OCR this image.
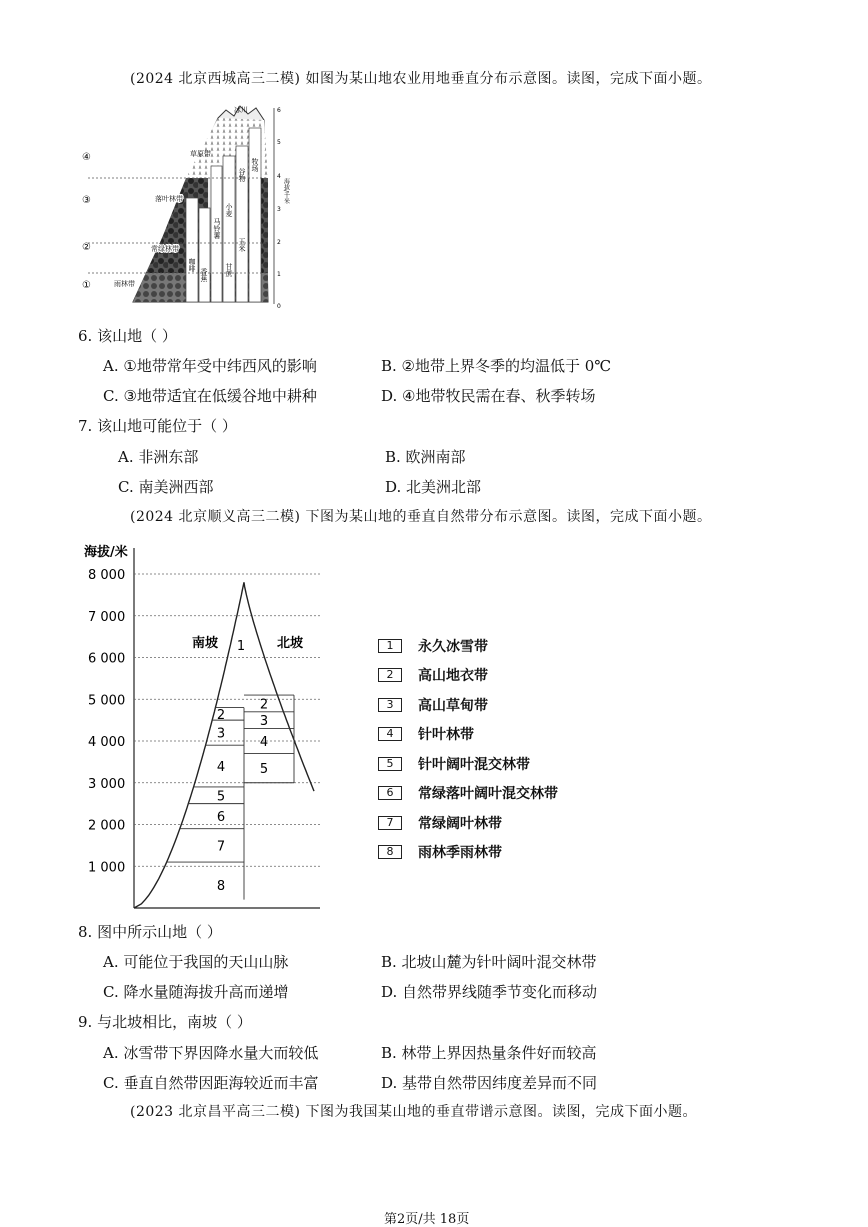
(2024 北京西城高三二模) 如图为某山地农业用地垂直分布示意图。读图，完成下面小题。
④
③
②
①
冰川
草原带
落叶林带
常绿林带
雨林带
牧场
谷物
小麦
马铃薯
玉米
咖啡
香蕉 甘蔗
6
5
4
3
2
1
0
海拔/千米
6. 该山地（ ）
A. ①地带常年受中纬西风的影响	B. ②地带上界冬季的均温低于 0℃
C. ③地带适宜在低缓谷地中耕种	D. ④地带牧民需在春、秋季转场
7. 该山地可能位于（ ）
A. 非洲东部	B. 欧洲南部
C. 南美洲西部	D. 北美洲北部
(2024 北京顺义高三二模) 下图为某山地的垂直自然带分布示意图。读图，完成下面小题。
海拔/米
8 000
7 000
6 000
5 000
4 000
3 000
2 000
1 000
1
2
3
4
5
6
7
8
2
3
4
5
南坡	北坡	1	永久冰雪带
2	高山地衣带
3	高山草甸带
4	针叶林带
5	针叶阔叶混交林带
6	常绿落叶阔叶混交林带
7	常绿阔叶林带
8	雨林季雨林带
8. 图中所示山地（ ）
A. 可能位于我国的天山山脉	B. 北坡山麓为针叶阔叶混交林带
C. 降水量随海拔升高而递增	D. 自然带界线随季节变化而移动
9. 与北坡相比，南坡（ ）
A. 冰雪带下界因降水量大而较低	B. 林带上界因热量条件好而较高
C. 垂直自然带因距海较近而丰富	D. 基带自然带因纬度差异而不同
(2023 北京昌平高三二模) 下图为我国某山地的垂直带谱示意图。读图，完成下面小题。
第2页/共 18页
